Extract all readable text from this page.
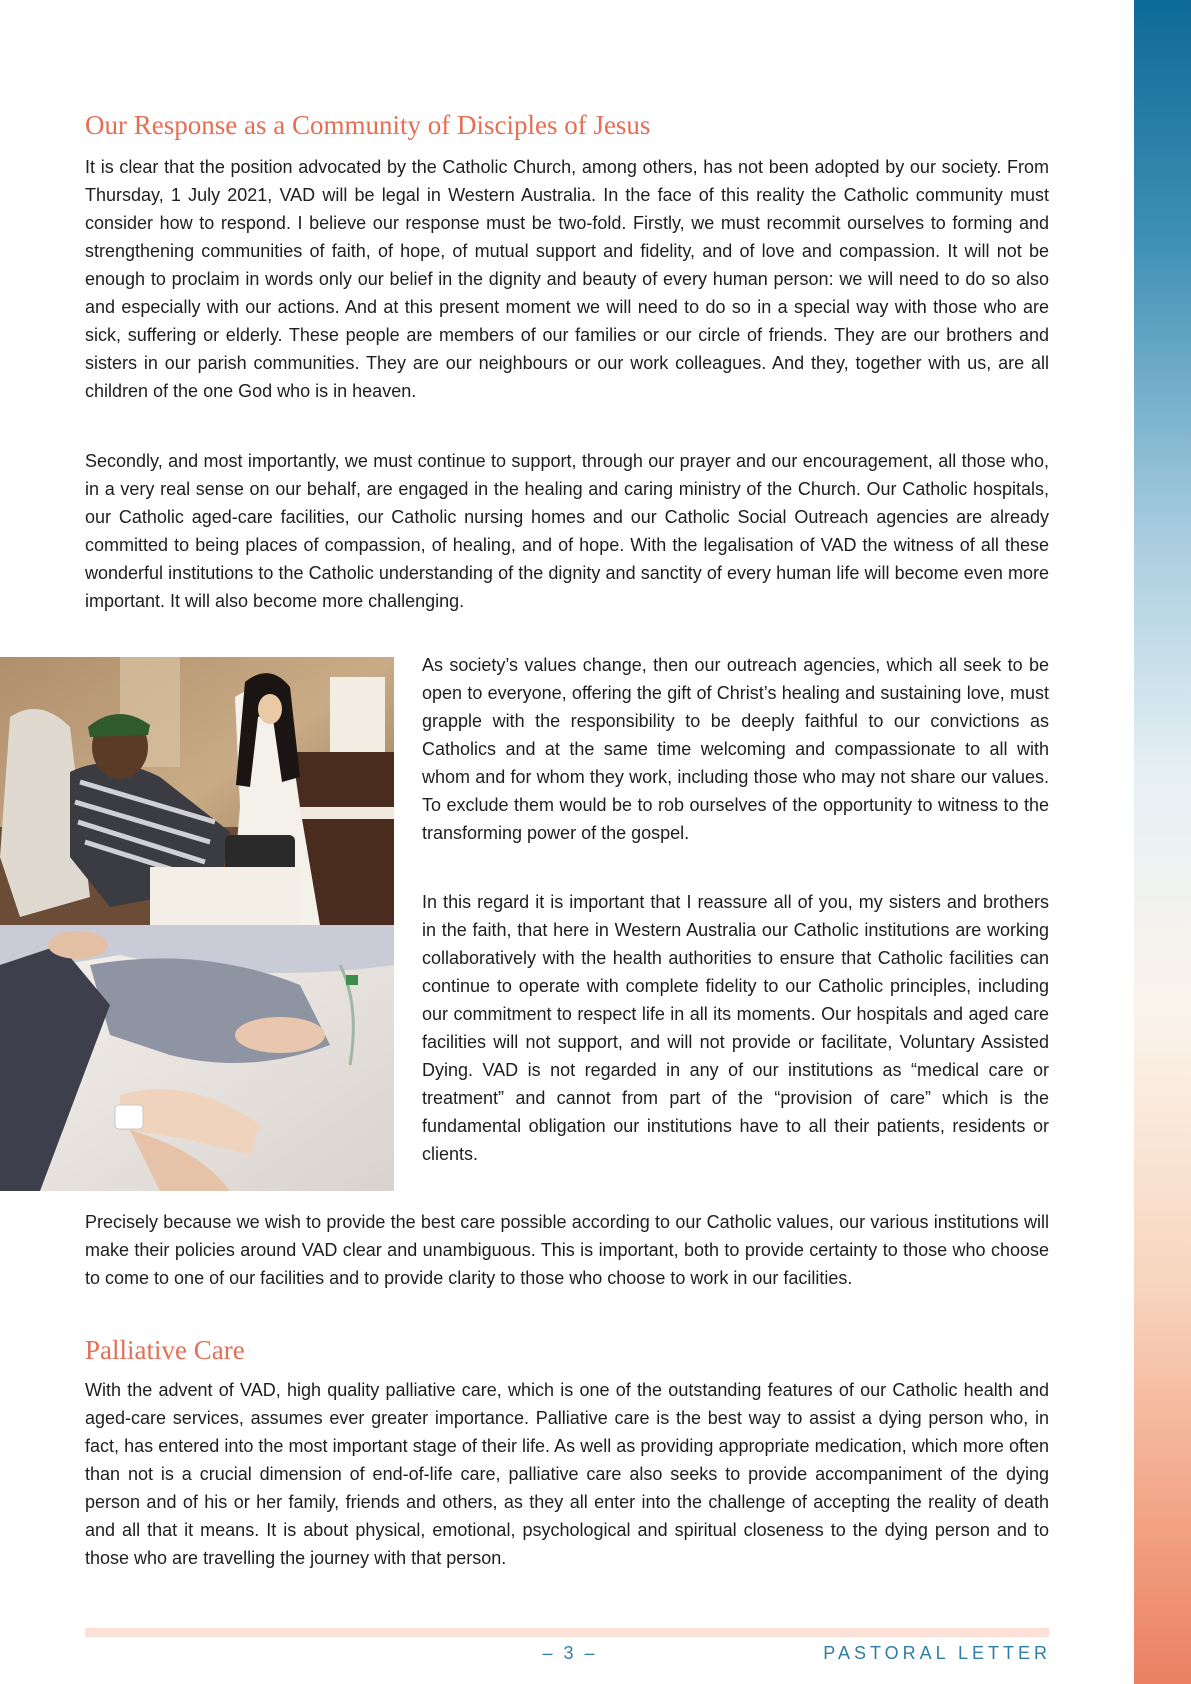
Our Response as a Community of Disciples of Jesus

It is clear that the position advocated by the Catholic Church, among others, has not been adopted by our society. From Thursday, 1 July 2021, VAD will be legal in Western Australia. In the face of this reality the Catholic community must consider how to respond. I believe our response must be two-fold. Firstly, we must recommit ourselves to forming and strengthening communities of faith, of hope, of mutual support and fidelity, and of love and compassion. It will not be enough to proclaim in words only our belief in the dignity and beauty of every human person: we will need to do so also and especially with our actions. And at this present moment we will need to do so in a special way with those who are sick, suffering or elderly. These people are members of our families or our circle of friends. They are our brothers and sisters in our parish communities. They are our neighbours or our work colleagues. And they, together with us, are all children of the one God who is in heaven.

Secondly, and most importantly, we must continue to support, through our prayer and our encouragement, all those who, in a very real sense on our behalf, are engaged in the healing and caring ministry of the Church. Our Catholic hospitals, our Catholic aged-care facilities, our Catholic nursing homes and our Catholic Social Outreach agencies are already committed to being places of compassion, of healing, and of hope. With the legalisation of VAD the witness of all these wonderful institutions to the Catholic understanding of the dignity and sanctity of every human life will become even more important. It will also become more challenging.

As society’s values change, then our outreach agencies, which all seek to be open to everyone, offering the gift of Christ’s healing and sustaining love, must grapple with the responsibility to be deeply faithful to our convictions as Catholics and at the same time welcoming and compassionate to all with whom and for whom they work, including those who may not share our values. To exclude them would be to rob ourselves of the opportunity to witness to the transforming power of the gospel.

In this regard it is important that I reassure all of you, my sisters and brothers in the faith, that here in Western Australia our Catholic institutions are working collaboratively with the health authorities to ensure that Catholic facilities can continue to operate with complete fidelity to our Catholic principles, including our commitment to respect life in all its moments. Our hospitals and aged care facilities will not support, and will not provide or facilitate, Voluntary Assisted Dying. VAD is not regarded in any of our institutions as “medical care or treatment” and cannot from part of the “provision of care” which is the fundamental obligation our institutions have to all their patients, residents or clients.

Precisely because we wish to provide the best care possible according to our Catholic values, our various institutions will make their policies around VAD clear and unambiguous. This is important, both to provide certainty to those who choose to come to one of our facilities and to provide clarity to those who choose to work in our facilities.

Palliative Care

With the advent of VAD, high quality palliative care, which is one of the outstanding features of our Catholic health and aged-care services, assumes ever greater importance. Palliative care is the best way to assist a dying person who, in fact, has entered into the most important stage of their life. As well as providing appropriate medication, which more often than not is a crucial dimension of end-of-life care, palliative care also seeks to provide accompaniment of the dying person and of his or her family, friends and others, as they all enter into the challenge of accepting the reality of death and all that it means. It is about physical, emotional, psychological and spiritual closeness to the dying person and to those who are travelling the journey with that person.

– 3 –	PASTORAL LETTER
